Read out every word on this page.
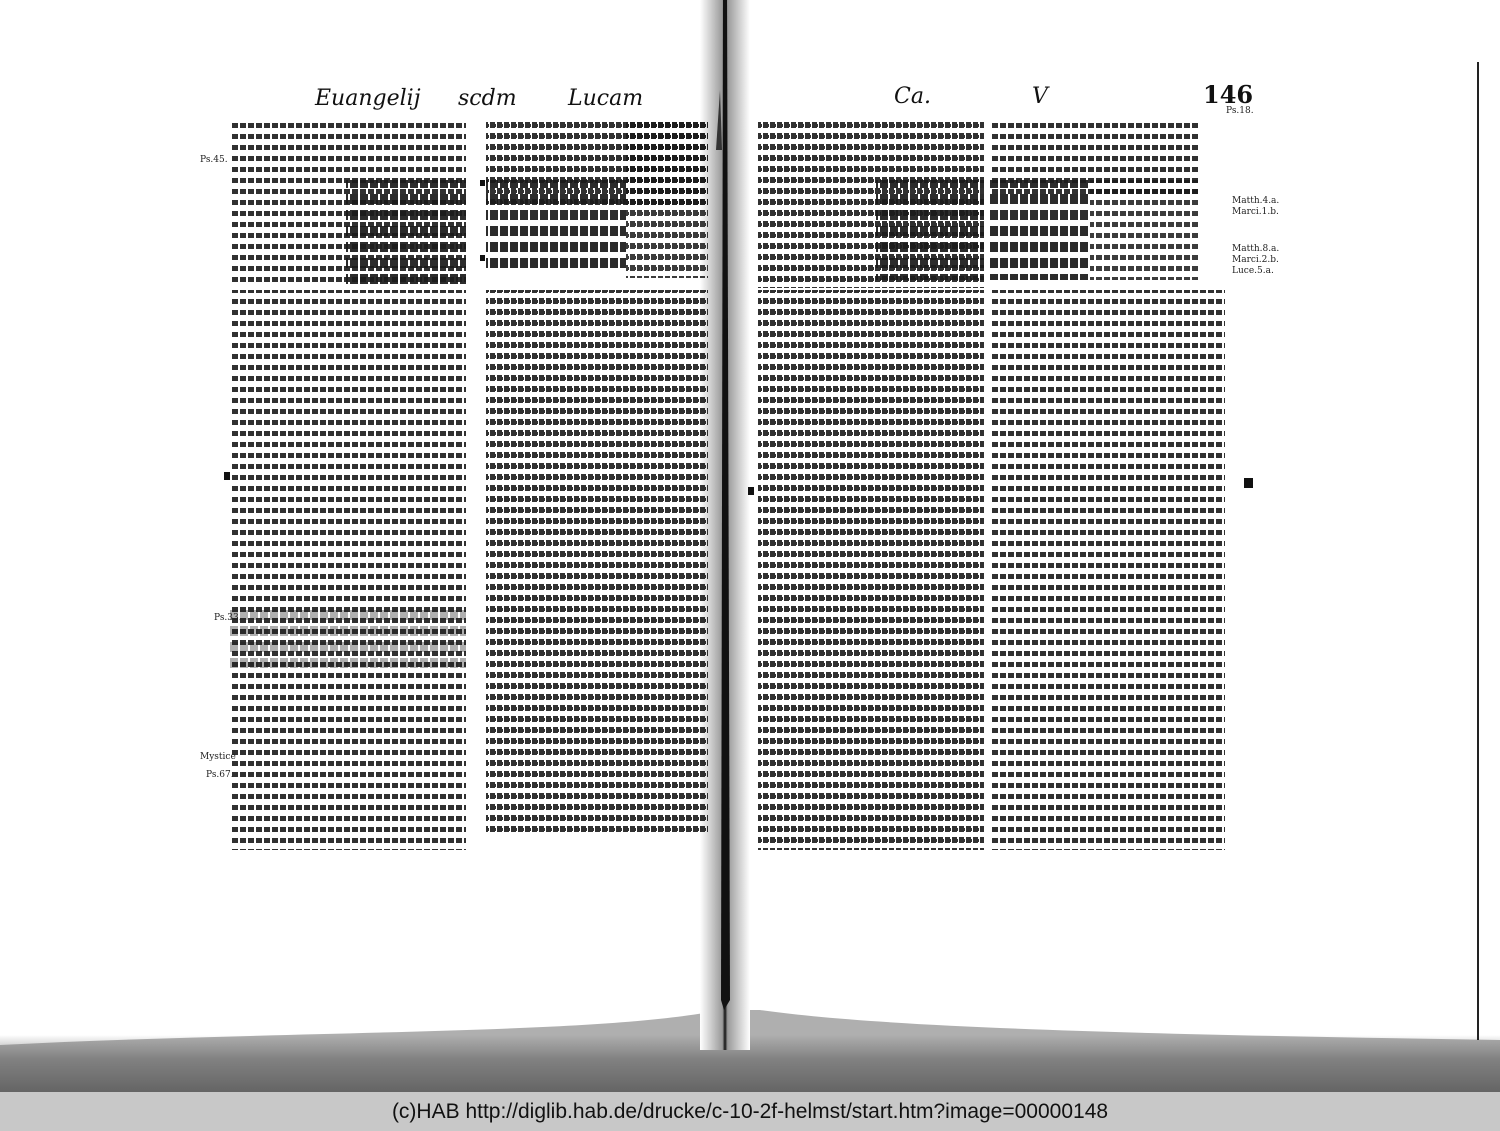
Euangelij scdm Lucam	Ca.	V	146
Ps.45.
Ps.33.
Mystice
Ps.67.
Ps.18.
Matth.4.a.
Marci.1.b.
Matth.8.a.
Marci.2.b.
Luce.5.a.
(c)HAB http://diglib.hab.de/drucke/c-10-2f-helmst/start.htm?image=00000148
